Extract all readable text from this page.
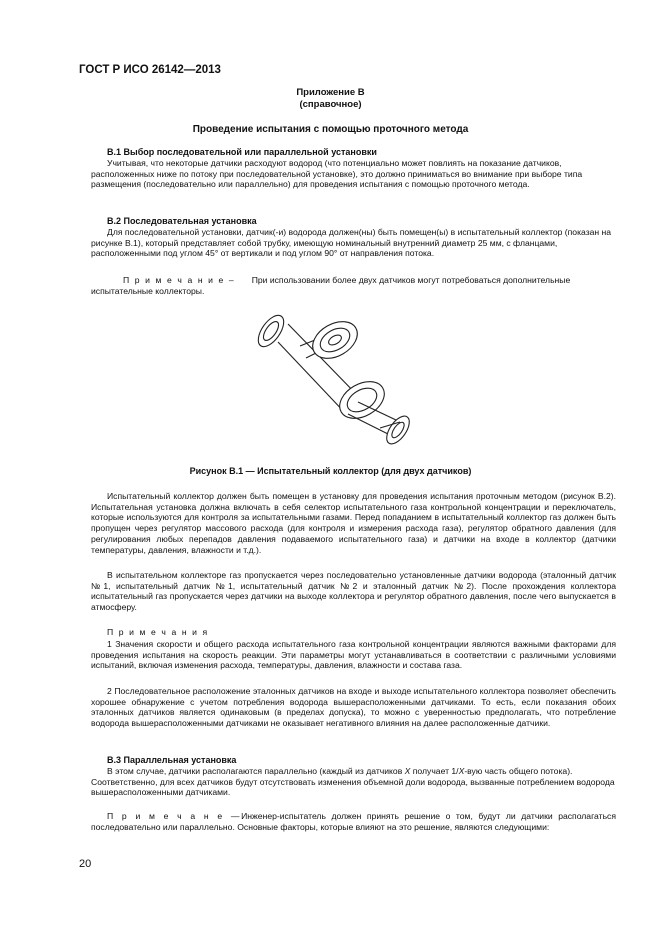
ГОСТ Р ИСО 26142—2013
Приложение В
(справочное)
Проведение испытания с помощью проточного метода
В.1 Выбор последовательной или параллельной установки
Учитывая, что некоторые датчики расходуют водород (что потенциально может повлиять на показание датчиков, расположенных ниже по потоку при последовательной установке), это должно приниматься во внимание при выборе типа размещения (последовательно или параллельно) для проведения испытания с помощью проточного метода.
В.2 Последовательная установка
Для последовательной установки, датчик(-и) водорода должен(ны) быть помещен(ы) в испытательный коллектор (показан на рисунке В.1), который представляет собой трубку, имеющую номинальный внутренний диаметр 25 мм, с фланцами, расположенными под углом 45° от вертикали и под углом 90° от направления потока.
П р и м е ч а н и е – При использовании более двух датчиков могут потребоваться дополнительные испытательные коллекторы.
Рисунок В.1 — Испытательный коллектор (для двух датчиков)
Испытательный коллектор должен быть помещен в установку для проведения испытания проточным методом (рисунок В.2). Испытательная установка должна включать в себя селектор испытательного газа контрольной концентрации и переключатель, которые используются для контроля за испытательными газами. Перед попаданием в испытательный коллектор газ должен быть пропущен через регулятор массового расхода (для контроля и измерения расхода газа), регулятор обратного давления (для регулирования любых перепадов давления подаваемого испытательного газа) и датчики на входе в коллектор (датчики температуры, давления, влажности и т.д.).
В испытательном коллекторе газ пропускается через последовательно установленные датчики водорода (эталонный датчик №1, испытательный датчик №1, испытательный датчик №2 и эталонный датчик №2). После прохождения коллектора испытательный газ пропускается через датчики на выходе коллектора и регулятор обратного давления, после чего выпускается в атмосферу.
П р и м е ч а н и я
1 Значения скорости и общего расхода испытательного газа контрольной концентрации являются важными факторами для проведения испытания на скорость реакции. Эти параметры могут устанавливаться в соответствии с различными условиями испытаний, включая изменения расхода, температуры, давления, влажности и состава газа.
2 Последовательное расположение эталонных датчиков на входе и выходе испытательного коллектора позволяет обеспечить хорошее обнаружение с учетом потребления водорода вышерасположенными датчиками. То есть, если показания обоих эталонных датчиков является одинаковым (в пределах допуска), то можно с уверенностью предполагать, что потребление водорода вышерасположенными датчиками не оказывает негативного влияния на далее расположенные датчики.
В.3 Параллельная установка
В этом случае, датчики располагаются параллельно (каждый из датчиков X получает 1/X-вую часть общего потока). Соответственно, для всех датчиков будут отсутствовать изменения объемной доли водорода, вызванные потреблением водорода вышерасположенными датчиками.
П р и м е ч а н е —Инженер-испытатель должен принять решение о том, будут ли датчики располагаться последовательно или параллельно. Основные факторы, которые влияют на это решение, являются следующими:
20
